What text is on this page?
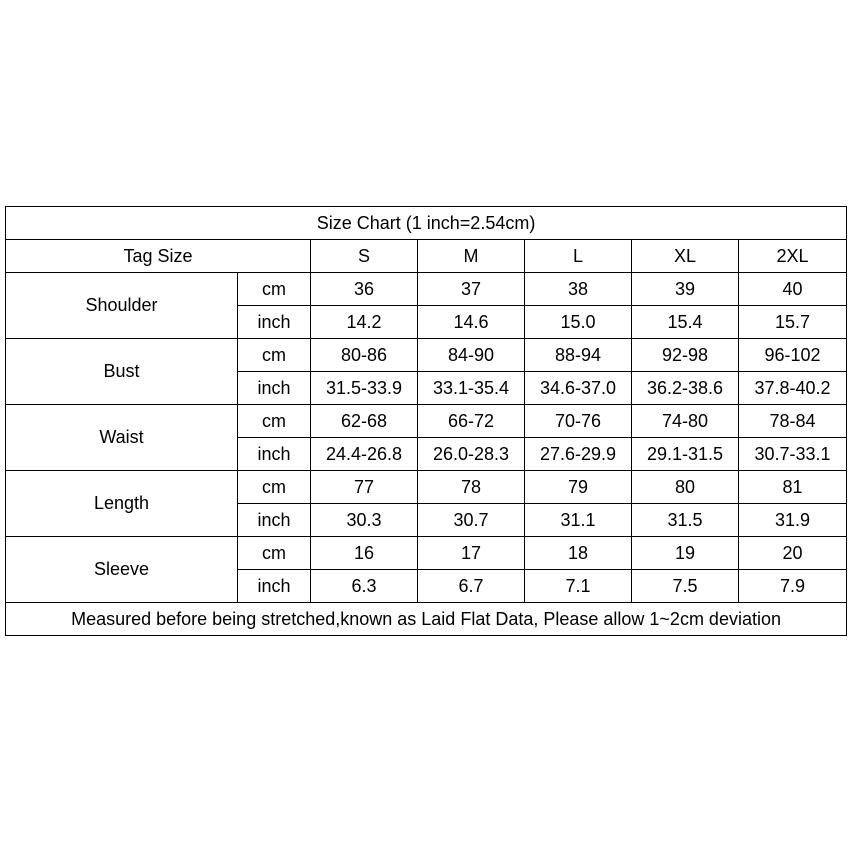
Size Chart (1 inch=2.54cm)						
Tag Size		S	M	L	XL	2XL
Shoulder	cm	36	37	38	39	40
	inch	14.2	14.6	15.0	15.4	15.7
Bust	cm	80-86	84-90	88-94	92-98	96-102
	inch	31.5-33.9	33.1-35.4	34.6-37.0	36.2-38.6	37.8-40.2
Waist	cm	62-68	66-72	70-76	74-80	78-84
	inch	24.4-26.8	26.0-28.3	27.6-29.9	29.1-31.5	30.7-33.1
Length	cm	77	78	79	80	81
	inch	30.3	30.7	31.1	31.5	31.9
Sleeve	cm	16	17	18	19	20
	inch	6.3	6.7	7.1	7.5	7.9
Measured before being stretched,known as Laid Flat Data, Please allow 1~2cm deviation						
